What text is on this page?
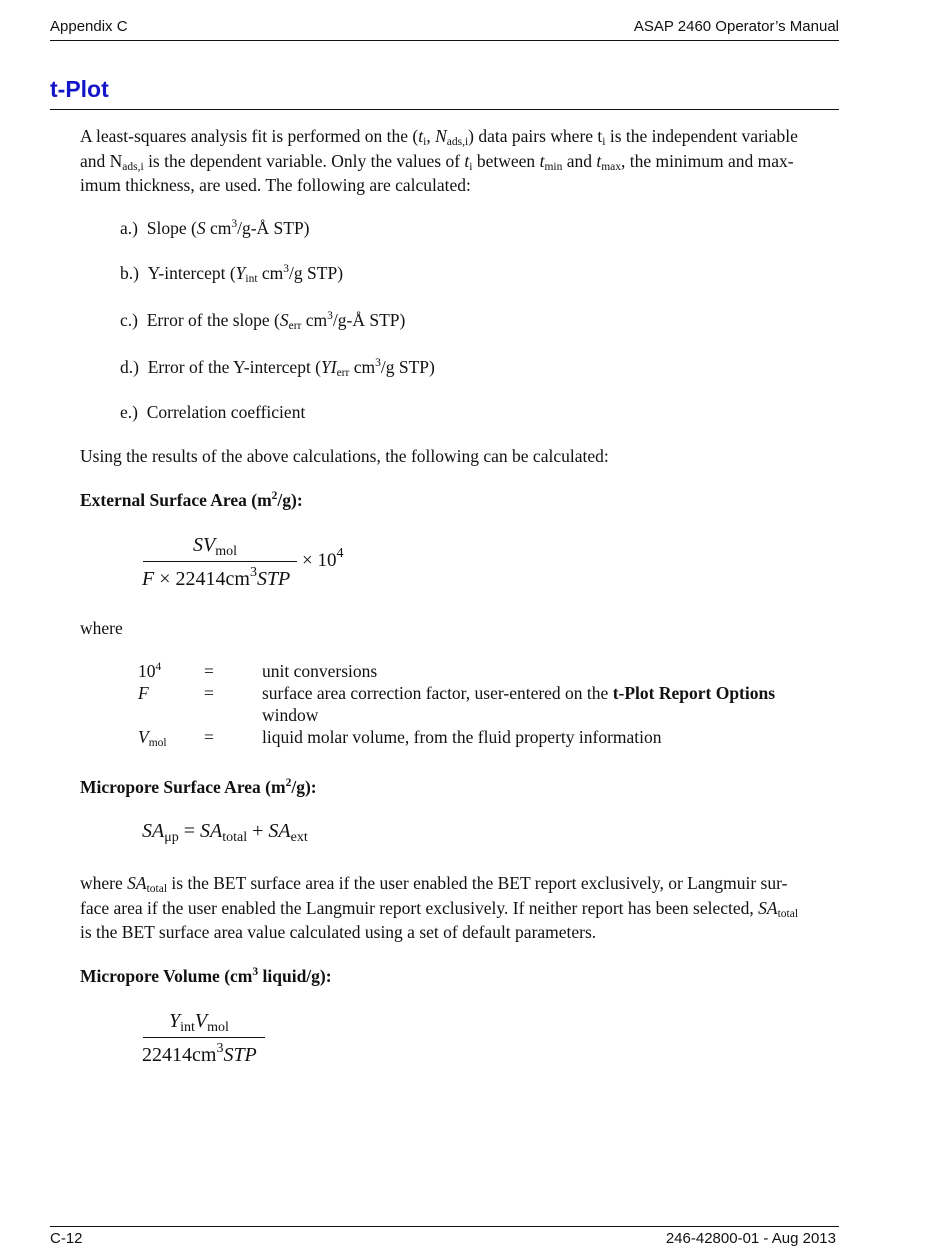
Appendix C	ASAP 2460 Operator’s Manual
t-Plot
A least-squares analysis fit is performed on the ($t_i$, $N_{ads,i}$) data pairs where $t_i$ is the independent variable
and $N_{ads,i}$ is the dependent variable. Only the values of $t_i$ between $t_{min}$ and $t_{max}$, the minimum and max-
imum thickness, are used. The following are calculated:
a.) Slope (S $cm^3/g-Å$ STP)
b.) Y-intercept ($Y_{int}$ $cm^3/g$ STP)
c.) Error of the slope ($S_{err}$ $cm^3/g-Å$ STP)
d.) Error of the Y-intercept ($YI_{err}$ $cm^3/g$ STP)
e.) Correlation coefficient
Using the results of the above calculations, the following can be calculated:
External Surface Area $(m^2/g)$:
$SV_{mol}$
$F \times 22414cm^3STP$
× $10^4$
where
$10^4$ =	unit conversions
F	=	surface area correction factor, user-entered on the t-Plot Report Options
window
$V_{mol}$ =	liquid molar volume, from the fluid property information
Micropore Surface Area $(m^2/g)$:
$SA_{\mu p} = SA_{total} + SA_{ext}$
where $SA_{total}$ is the BET surface area if the user enabled the BET report exclusively, or Langmuir sur-
face area if the user enabled the Langmuir report exclusively. If neither report has been selected, $SA_{total}$
is the BET surface area value calculated using a set of default parameters.
Micropore Volume ($cm^3$ liquid/g):
$Y_{int}V_{mol}$
$22414cm^3STP$
C-12	246-42800-01 - Aug 2013
